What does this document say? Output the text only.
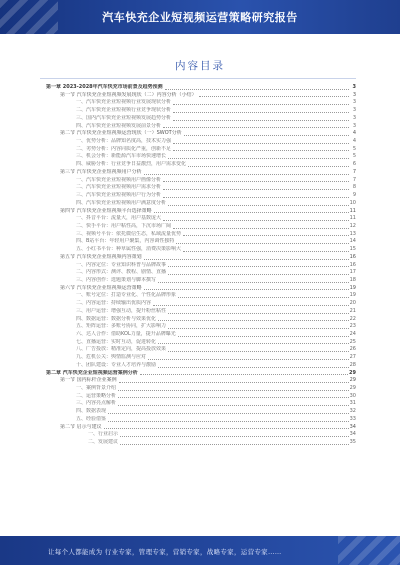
汽车快充企业短视频运营策略研究报告
内容目录
第一章 2023-2028年汽车快充市场前景及趋势预测	3
第一节 汽车快充企业短视频发展现状（二）内容分析（小结）	3
一、汽车快充企业短视频行业发展现状分析	3
二、汽车快充企业短视频行业竞争现状分析	3
三、国内汽车快充企业短视频发展趋势分析	3
四、汽车快充企业短视频发展前景分析	3
第二节 汽车快充企业短视频运营现状（一）SWOT分析	4
一、优势分析：品牌知名度高，技术实力强	4
二、劣势分析：内容同质化严重，创新不足	5
三、机会分析：新能源汽车市场快速增长	5
四、威胁分析：行业竞争日益激烈，用户需求变化	6
第三节 汽车快充企业短视频用户分析	7
一、汽车快充企业短视频用户画像分析	7
二、汽车快充企业短视频用户需求分析	8
三、汽车快充企业短视频用户行为分析	9
四、汽车快充企业短视频用户满意度分析	10
第四节 汽车快充企业短视频平台选择策略	11
一、抖音平台：流量大，用户基数庞大	11
二、快手平台：用户粘性高，下沉市场广阔	12
三、视频号平台：依托微信生态，私域流量优势	13
四、B站平台：年轻用户聚集，内容调性独特	14
五、小红书平台：种草属性强，消费决策影响大	15
第五节 汽车快充企业短视频内容策划	16
一、内容定位：专业知识科普与品牌故事	16
二、内容形式：测评、教程、剧情、直播	17
三、内容创作：选题策划与脚本撰写	18
第六节 汽车快充企业短视频运营策略	19
一、账号定位：打造专业化、个性化品牌形象	19
二、内容运营：持续输出优质内容	20
三、用户运营：增强互动，提升粉丝粘性	21
四、数据运营：数据分析与效果优化	22
五、矩阵运营：多账号协同，扩大影响力	23
六、达人合作：借助KOL力量，提升品牌曝光	24
七、直播运营：实时互动，促进转化	25
八、广告投放：精准定向，提高投放效果	26
九、危机公关：舆情监测与应对	27
十、团队建设：专业人才培养与激励	28
第二章 汽车快充企业短视频运营案例分析	29
第一节 国内标杆企业案例	29
一、案例背景介绍	29
二、运营策略分析	30
三、内容亮点解析	31
四、数据表现	32
五、经验借鉴	33
第二节 启示与建议	34
一、行业启示	34
二、发展建议	35
让每个人都能成为 行业专家，管理专家，营销专家，战略专家，运营专家……
